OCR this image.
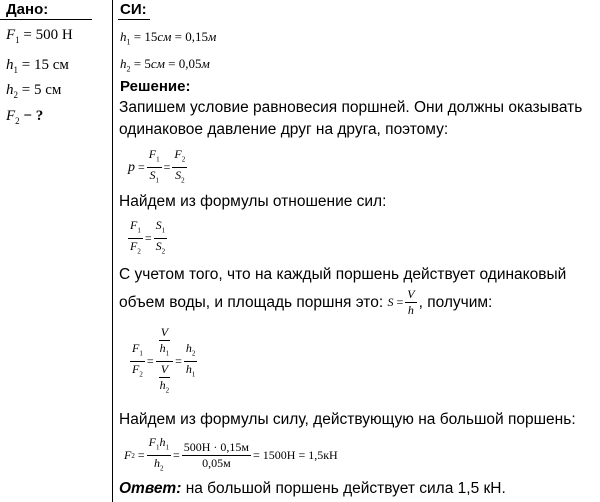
Дано:
$F_1 = 500$ Н
$h_1 = 15$ см
$h_2 = 5$ см
$F_2$ − ?
СИ:
$h_1 = 15см = 0,15м$
$h_2 = 5см = 0,05м$
Решение:
Запишем условие равновесия поршней. Они должны оказывать
одинаковое давление друг на друга, поэтому:
$p = \frac{F_1}{S_1} = \frac{F_2}{S_2}$
Найдем из формулы отношение сил:
$\frac{F_1}{F_2} = \frac{S_1}{S_2}$
С учетом того, что на каждый поршень действует одинаковый
объем воды, и площадь поршня это:
$S = \frac{V}{h}$ , получим:
$\frac{F_1}{F_2} = \frac{\frac{V}{h_1}}{\frac{V}{h_2}} = \frac{h_2}{h_1}$
Найдем из формулы силу, действующую на большой поршень:
F $2 = \frac{F_1h_1}{h_2} = \frac{500Н \cdot 0,15м}{0,05м} = 1500Н = 1,5кН$
Ответ: на большой поршень действует сила 1,5 кН.
